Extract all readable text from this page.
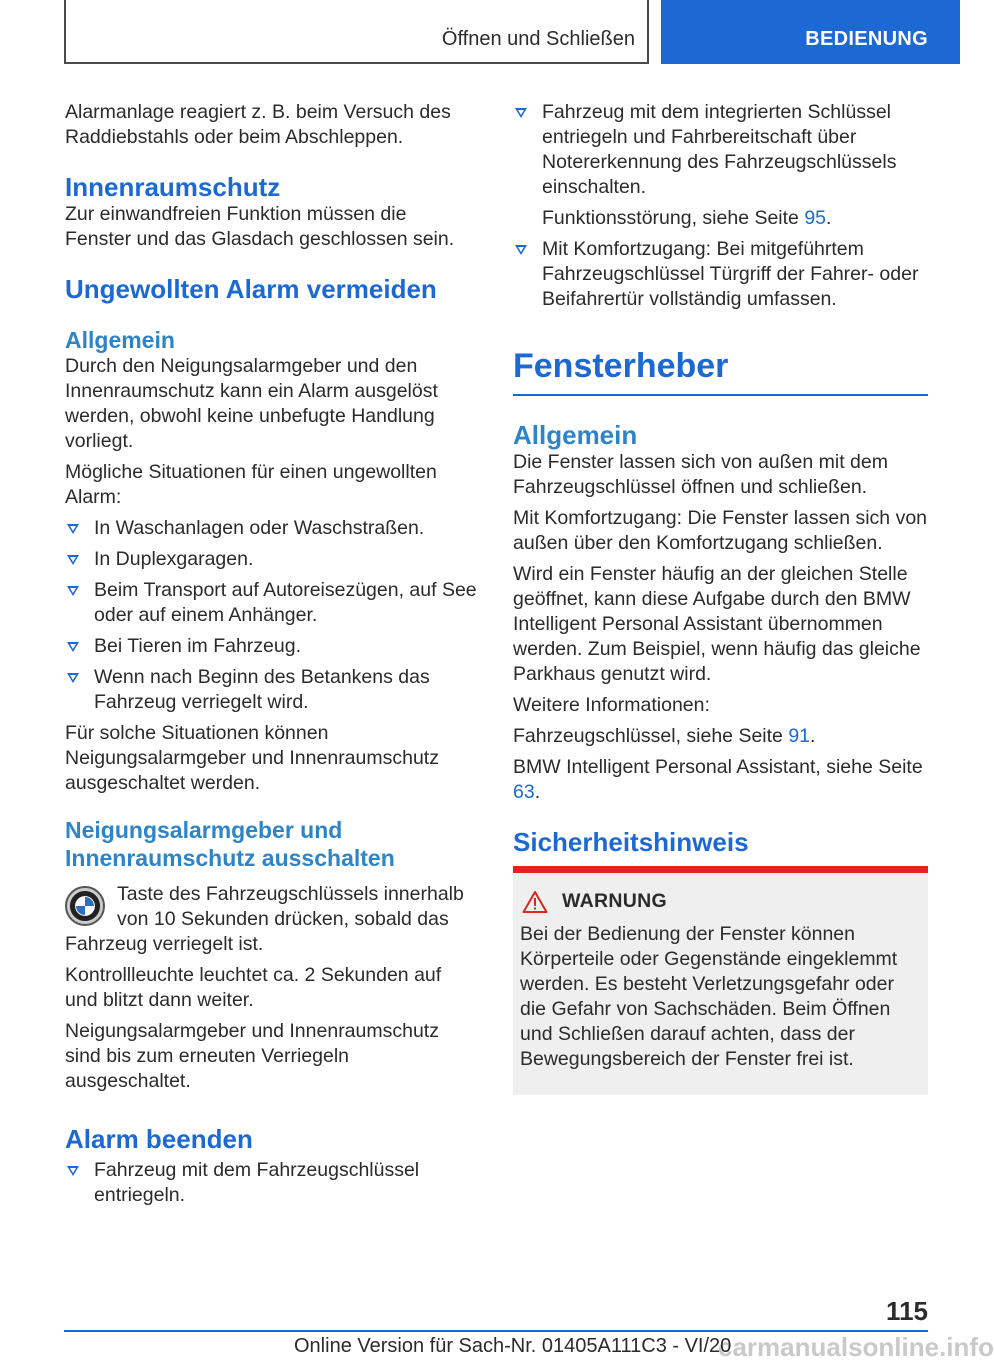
Öffnen und Schließen	BEDIENUNG

Alarmanlage reagiert z. B. beim Versuch des Raddiebstahls oder beim Abschleppen.

Innenraumschutz

Zur einwandfreien Funktion müssen die Fenster und das Glasdach geschlossen sein.

Ungewollten Alarm vermeiden
Allgemein

Durch den Neigungsalarmgeber und den Innenraumschutz kann ein Alarm ausgelöst werden, obwohl keine unbefugte Handlung vorliegt.

Mögliche Situationen für einen ungewollten Alarm:

In Waschanlagen oder Waschstraßen.
In Duplexgaragen.
Beim Transport auf Autoreisezügen, auf See oder auf einem Anhänger.
Bei Tieren im Fahrzeug.
Wenn nach Beginn des Betankens das Fahrzeug verriegelt wird.

Für solche Situationen können Neigungsalarmgeber und Innenraumschutz ausgeschaltet werden.

Neigungsalarmgeber und Innenraumschutz ausschalten

Taste des Fahrzeugschlüssels innerhalb von 10 Sekunden drücken, sobald das Fahrzeug verriegelt ist.

Kontrollleuchte leuchtet ca. 2 Sekunden auf und blitzt dann weiter.

Neigungsalarmgeber und Innenraumschutz sind bis zum erneuten Verriegeln ausgeschaltet.

Alarm beenden
Fahrzeug mit dem Fahrzeugschlüssel entriegeln.
Fahrzeug mit dem integrierten Schlüssel entriegeln und Fahrbereitschaft über Notererkennung des Fahrzeugschlüssels einschalten.
Funktionsstörung, siehe Seite 95.
Mit Komfortzugang: Bei mitgeführtem Fahrzeugschlüssel Türgriff der Fahrer- oder Beifahrertür vollständig umfassen.
Fensterheber
Allgemein

Die Fenster lassen sich von außen mit dem Fahrzeugschlüssel öffnen und schließen.

Mit Komfortzugang: Die Fenster lassen sich von außen über den Komfortzugang schließen.

Wird ein Fenster häufig an der gleichen Stelle geöffnet, kann diese Aufgabe durch den BMW Intelligent Personal Assistant übernommen werden. Zum Beispiel, wenn häufig das gleiche Parkhaus genutzt wird.

Weitere Informationen:

Fahrzeugschlüssel, siehe Seite 91.

BMW Intelligent Personal Assistant, siehe Seite 63.

Sicherheitshinweis
WARNUNG

Bei der Bedienung der Fenster können Körperteile oder Gegenstände eingeklemmt werden. Es besteht Verletzungsgefahr oder die Gefahr von Sachschäden. Beim Öffnen und Schließen darauf achten, dass der Bewegungsbereich der Fenster frei ist.

115
carmanualsonline.info
Online Version für Sach-Nr. 01405A111C3 - VI/20
